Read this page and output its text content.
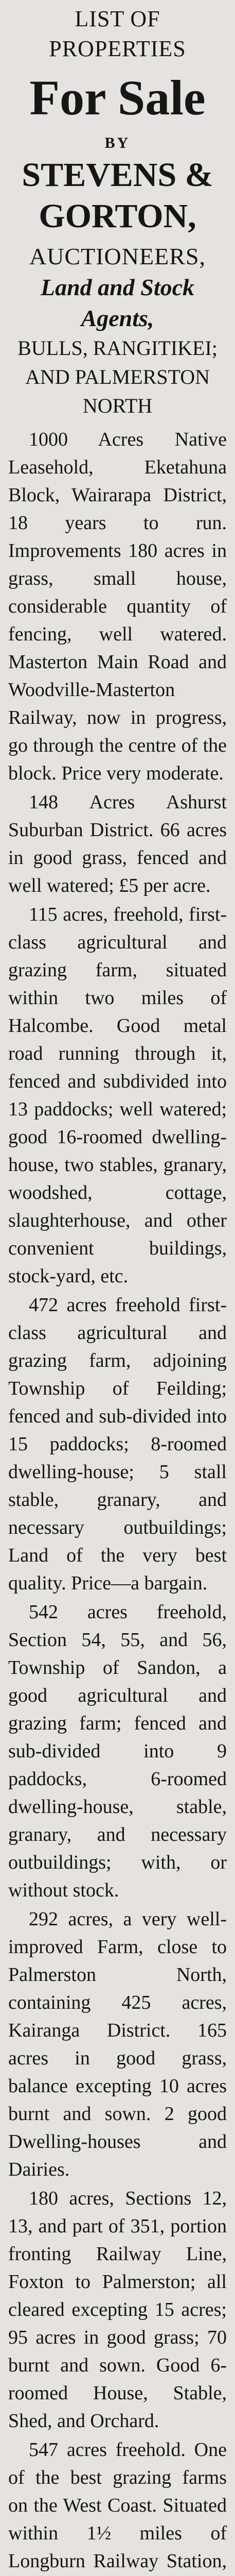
LIST OF PROPERTIES

For Sale

BY

STEVENS & GORTON,

AUCTIONEERS,

Land and Stock Agents,

BULLS, RANGITIKEI;

AND PALMERSTON NORTH

1000 Acres Native Leasehold, Eketahuna Block, Wairarapa District, 18 years to run. Improvements 180 acres in grass, small house, considerable quantity of fencing, well watered. Masterton Main Road and Woodville-Masterton Railway, now in progress, go through the centre of the block. Price very moderate.

148 Acres Ashurst Suburban District. 66 acres in good grass, fenced and well watered; £5 per acre.

115 acres, freehold, first-class agricultural and grazing farm, situated within two miles of Halcombe. Good metal road running through it, fenced and subdivided into 13 paddocks; well watered; good 16-roomed dwelling-house, two stables, granary, woodshed, cottage, slaughterhouse, and other convenient buildings, stock-yard, etc.

472 acres freehold first-class agricultural and grazing farm, adjoining Township of Feilding; fenced and sub-divided into 15 paddocks; 8-roomed dwelling-house; 5 stall stable, granary, and necessary outbuildings; Land of the very best quality. Price—a bargain.

542 acres freehold, Section 54, 55, and 56, Township of Sandon, a good agricultural and grazing farm; fenced and sub-divided into 9 paddocks, 6-roomed dwelling-house, stable, granary, and necessary outbuildings; with, or without stock.

292 acres, a very well-improved Farm, close to Palmerston North, containing 425 acres, Kairanga District. 165 acres in good grass, balance excepting 10 acres burnt and sown. 2 good Dwelling-houses and Dairies.

180 acres, Sections 12, 13, and part of 351, portion fronting Railway Line, Foxton to Palmerston; all cleared excepting 15 acres; 95 acres in good grass; 70 burnt and sown. Good 6-roomed House, Stable, Shed, and Orchard.

547 acres freehold. One of the best grazing farms on the West Coast. Situated within 1½ miles of Longburn Railway Station,
